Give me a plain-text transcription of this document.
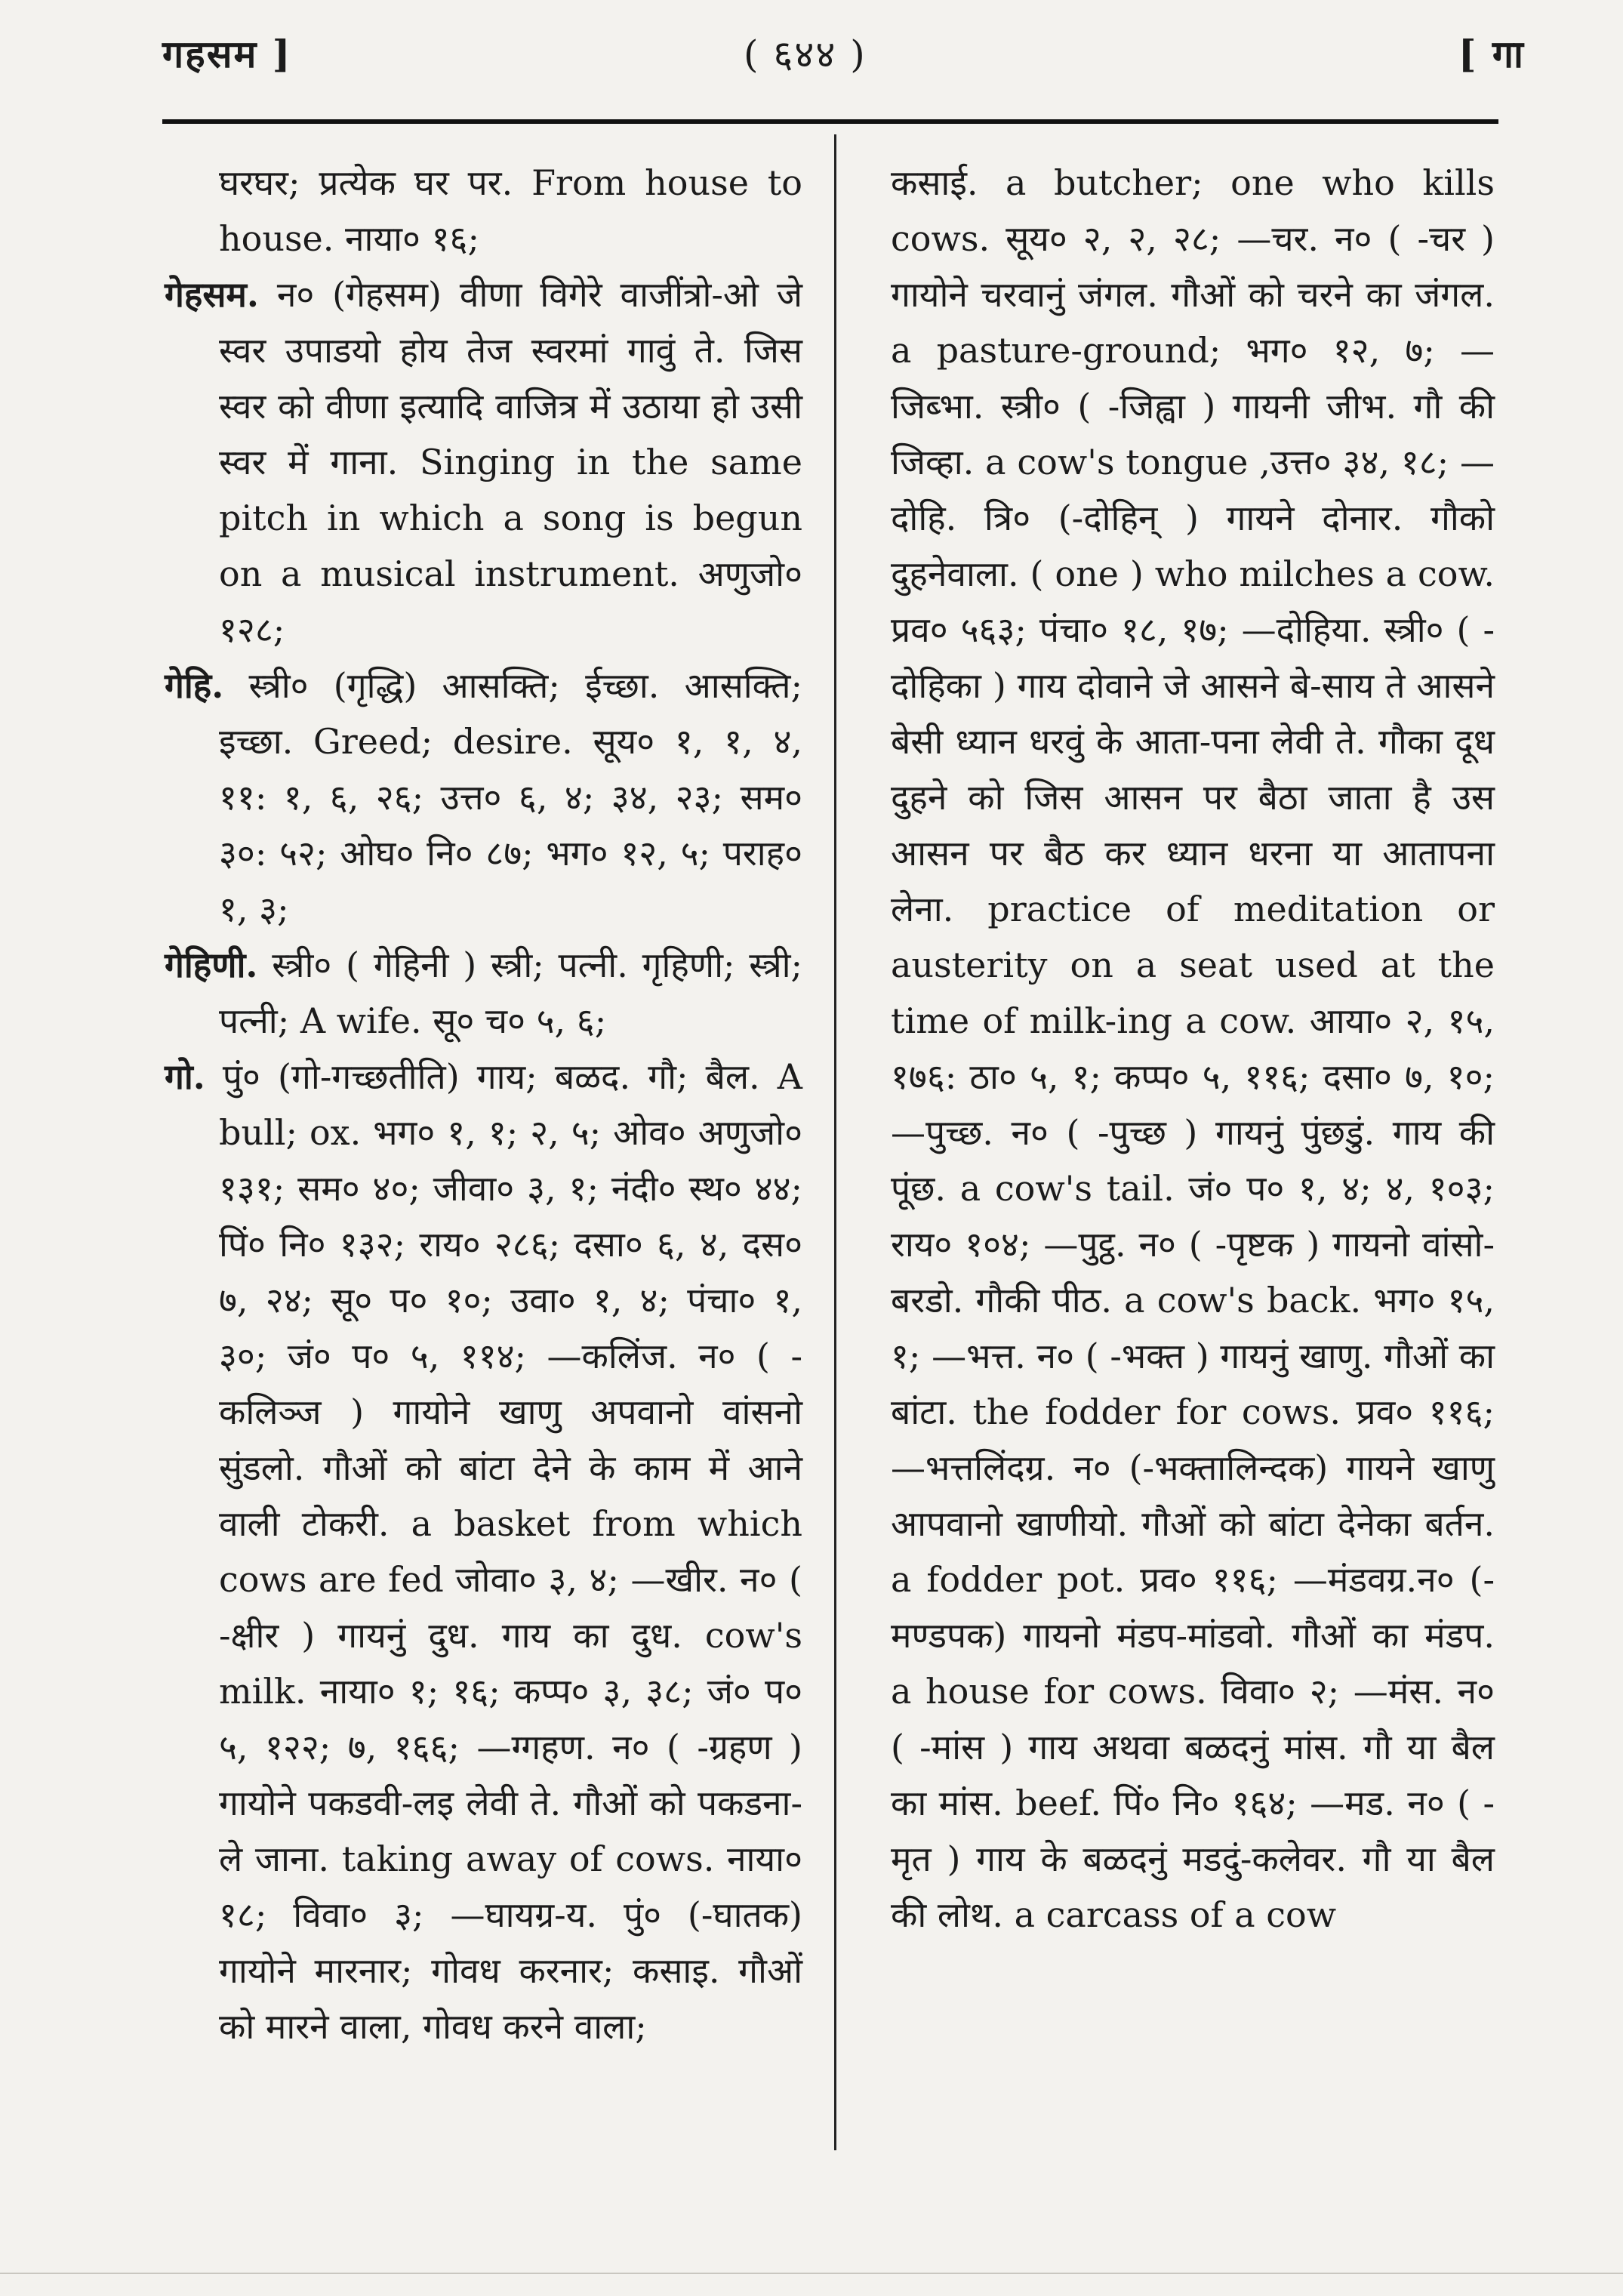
गहसम ]	( ६४४ )	[ गा

घरघर; प्रत्येक घर पर. From house to house. नाया० १६;

गेहसम. न० (गेहसम) वीणा विगेरे वाजींत्रो-ओ जे स्वर उपाडयो होय तेज स्वरमां गावुं ते. जिस स्वर को वीणा इत्यादि वाजित्र में उठाया हो उसी स्वर में गाना. Singing in the same pitch in which a song is begun on a musical instrument. अणुजो० १२८;

गेहि. स्त्री० (गृद्धि) आसक्ति; ईच्छा. आसक्ति; इच्छा. Greed; desire. सूय० १, १, ४, ११: १, ६, २६; उत्त० ६, ४; ३४, २३; सम० ३०: ५२; ओघ० नि० ८७; भग० १२, ५; पराह० १, ३;

गेहिणी. स्त्री० ( गेहिनी ) स्त्री; पत्नी. गृहिणी; स्त्री; पत्नी; A wife. सू० च० ५, ६;

गो. पुं० (गो-गच्छतीति) गाय; बळद. गौ; बैल. A bull; ox. भग० १, १; २, ५; ओव० अणुजो० १३१; सम० ४०; जीवा० ३, १; नंदी० स्थ० ४४; पिं० नि० १३२; राय० २८६; दसा० ६, ४, दस० ७, २४; सू० प० १०; उवा० १, ४; पंचा० १, ३०; जं० प० ५, ११४; —कलिंज. न० ( -कलिञ्ज ) गायोने खाणु अपवानो वांसनो सुंडलो. गौओं को बांटा देने के काम में आने वाली टोकरी. a basket from which cows are fed जोवा० ३, ४; —खीर. न० ( -क्षीर ) गायनुं दुध. गाय का दुध. cow's milk. नाया० १; १६; कप्प० ३, ३८; जं० प० ५, १२२; ७, १६६; —ग्गहण. न० ( -ग्रहण ) गायोने पकडवी-लइ लेवी ते. गौओं को पकडना-ले जाना. taking away of cows. नाया० १८; विवा० ३; —घायग्र-य. पुं० (-घातक) गायोने मारनार; गोवध करनार; कसाइ. गौओं को मारने वाला, गोवध करने वाला;

कसाई. a butcher; one who kills cows. सूय० २, २, २८; —चर. न० ( -चर ) गायोने चरवानुं जंगल. गौओं को चरने का जंगल. a pasture-ground; भग० १२, ७; —जिब्भा. स्त्री० ( -जिह्वा ) गायनी जीभ. गौ की जिव्हा. a cow's tongue ,उत्त० ३४, १८; —दोहि. त्रि० (-दोहिन् ) गायने दोनार. गौको दुहनेवाला. ( one ) who milches a cow. प्रव० ५६३; पंचा० १८, १७; —दोहिया. स्त्री० ( -दोहिका ) गाय दोवाने जे आसने बे-साय ते आसने बेसी ध्यान धरवुं के आता-पना लेवी ते. गौका दूध दुहने को जिस आसन पर बैठा जाता है उस आसन पर बैठ कर ध्यान धरना या आतापना लेना. practice of meditation or austerity on a seat used at the time of milk-ing a cow. आया० २, १५, १७६: ठा० ५, १; कप्प० ५, ११६; दसा० ७, १०; —पुच्छ. न० ( -पुच्छ ) गायनुं पुंछडुं. गाय की पूंछ. a cow's tail. जं० प० १, ४; ४, १०३; राय० १०४; —पुट्ठ. न० ( -पृष्टक ) गायनो वांसो-बरडो. गौकी पीठ. a cow's back. भग० १५, १; —भत्त. न० ( -भक्त ) गायनुं खाणु. गौओं का बांटा. the fodder for cows. प्रव० ११६; —भत्तलिंदग्र. न० (-भक्तालिन्दक) गायने खाणु आपवानो खाणीयो. गौओं को बांटा देनेका बर्तन. a fodder pot. प्रव० ११६; —मंडवग्र.न० (-मण्डपक) गायनो मंडप-मांडवो. गौओं का मंडप. a house for cows. विवा० २; —मंस. न० ( -मांस ) गाय अथवा बळदनुं मांस. गौ या बैल का मांस. beef. पिं० नि० १६४; —मड. न० ( -मृत ) गाय के बळदनुं मडदुं-कलेवर. गौ या बैल की लोथ. a carcass of a cow
